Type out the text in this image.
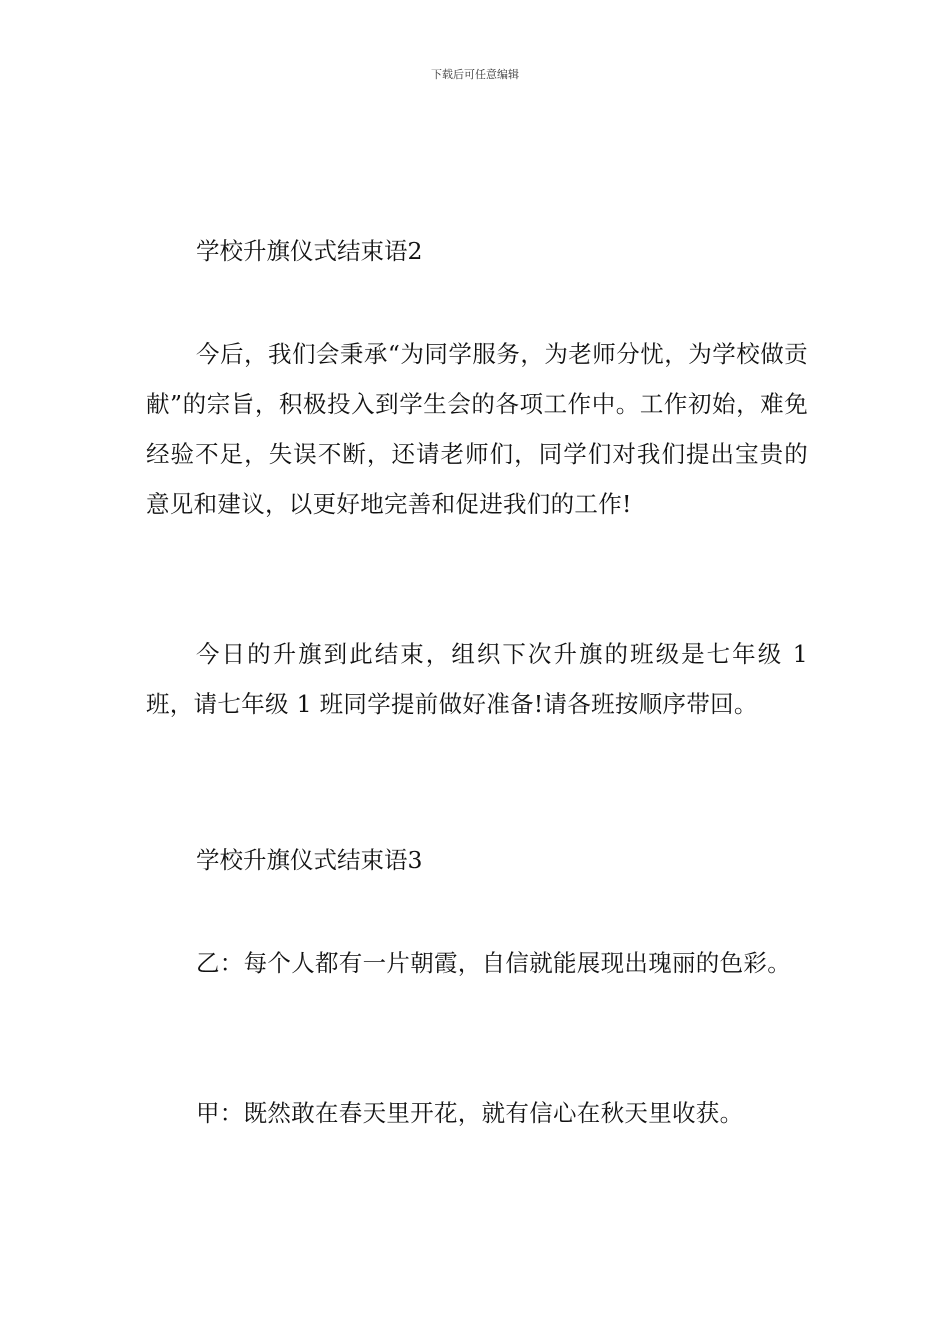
下载后可任意编辑
学校升旗仪式结束语2

今后，我们会秉承“为同学服务，为老师分忧，为学校做贡献”的宗旨，积极投入到学生会的各项工作中。工作初始，难免经验不足，失误不断，还请老师们，同学们对我们提出宝贵的意见和建议，以更好地完善和促进我们的工作!

今日的升旗到此结束，组织下次升旗的班级是七年级 1 班，请七年级 1 班同学提前做好准备!请各班按顺序带回。

学校升旗仪式结束语3

乙：每个人都有一片朝霞，自信就能展现出瑰丽的色彩。

甲：既然敢在春天里开花，就有信心在秋天里收获。
